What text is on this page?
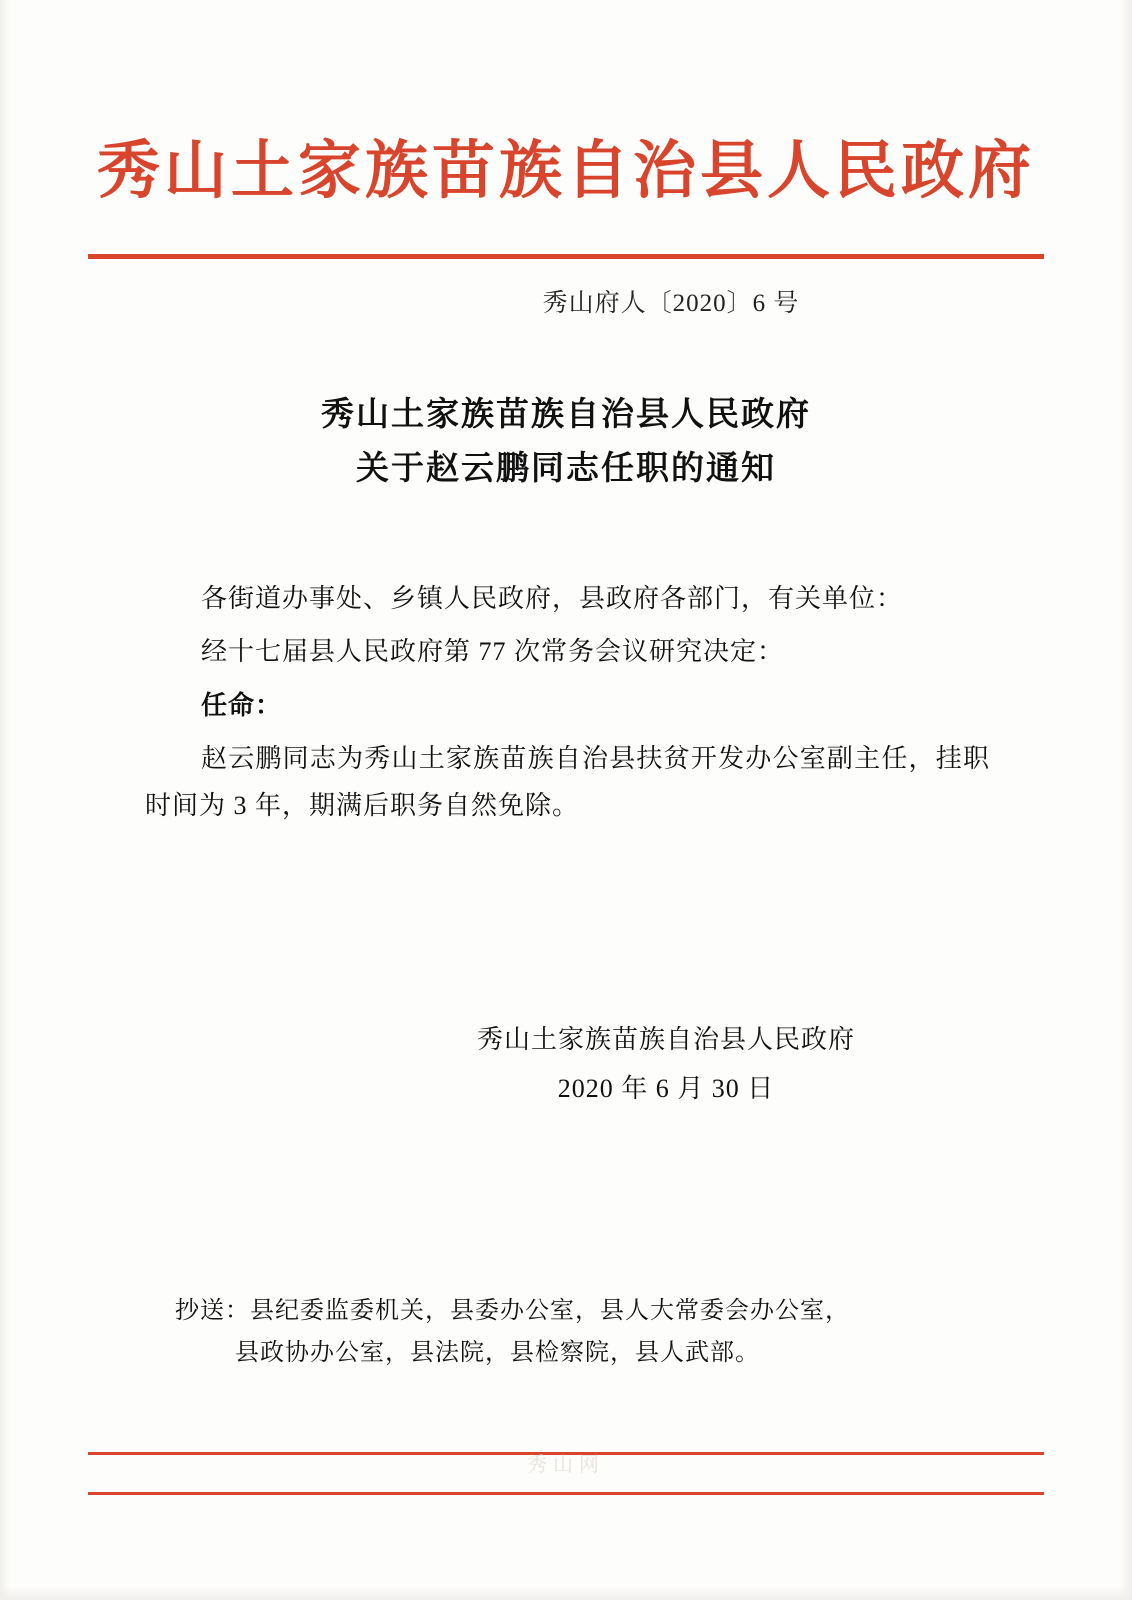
秀山土家族苗族自治县人民政府
秀山府人〔2020〕6 号
秀山土家族苗族自治县人民政府
关于赵云鹏同志任职的通知

各街道办事处、乡镇人民政府，县政府各部门，有关单位：

经十七届县人民政府第 77 次常务会议研究决定：

任命：

赵云鹏同志为秀山土家族苗族自治县扶贫开发办公室副主任，挂职时间为 3 年，期满后职务自然免除。

秀山土家族苗族自治县人民政府
2020 年 6 月 30 日
抄送：县纪委监委机关，县委办公室，县人大常委会办公室，
县政协办公室，县法院，县检察院，县人武部。
秀山网
